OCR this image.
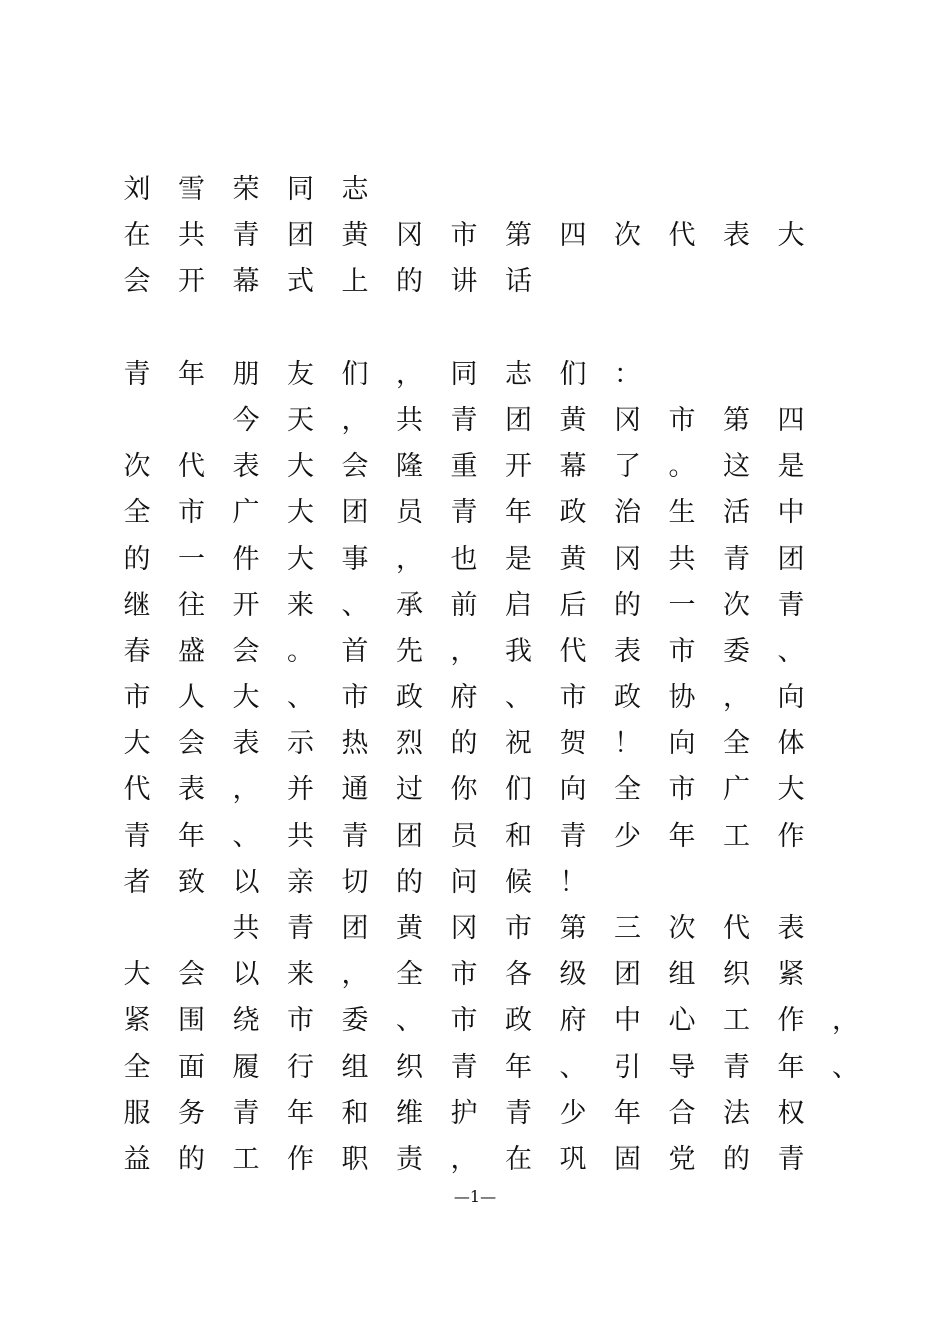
刘 雪 荣 同 志
在 共 青 团 黄 冈 市 第 四 次 代 表 大
会 开 幕 式 上 的 讲 话
青 年 朋 友 们 ， 同 志 们 ：
今 天 ， 共 青 团 黄 冈 市 第 四
次 代 表 大 会 隆 重 开 幕 了 。 这 是
全 市 广 大 团 员 青 年 政 治 生 活 中
的 一 件 大 事 ， 也 是 黄 冈 共 青 团
继 往 开 来 、 承 前 启 后 的 一 次 青
春 盛 会 。 首 先 ， 我 代 表 市 委 、
市 人 大 、 市 政 府 、 市 政 协 ， 向
大 会 表 示 热 烈 的 祝 贺 ！ 向 全 体
代 表 ， 并 通 过 你 们 向 全 市 广 大
青 年 、 共 青 团 员 和 青 少 年 工 作
者 致 以 亲 切 的 问 候 ！
共 青 团 黄 冈 市 第 三 次 代 表
大 会 以 来 ， 全 市 各 级 团 组 织 紧
紧 围 绕 市 委 、 市 政 府 中 心 工 作 ，
全 面 履 行 组 织 青 年 、 引 导 青 年 、
服 务 青 年 和 维 护 青 少 年 合 法 权
益 的 工 作 职 责 ， 在 巩 固 党 的 青
—1—
